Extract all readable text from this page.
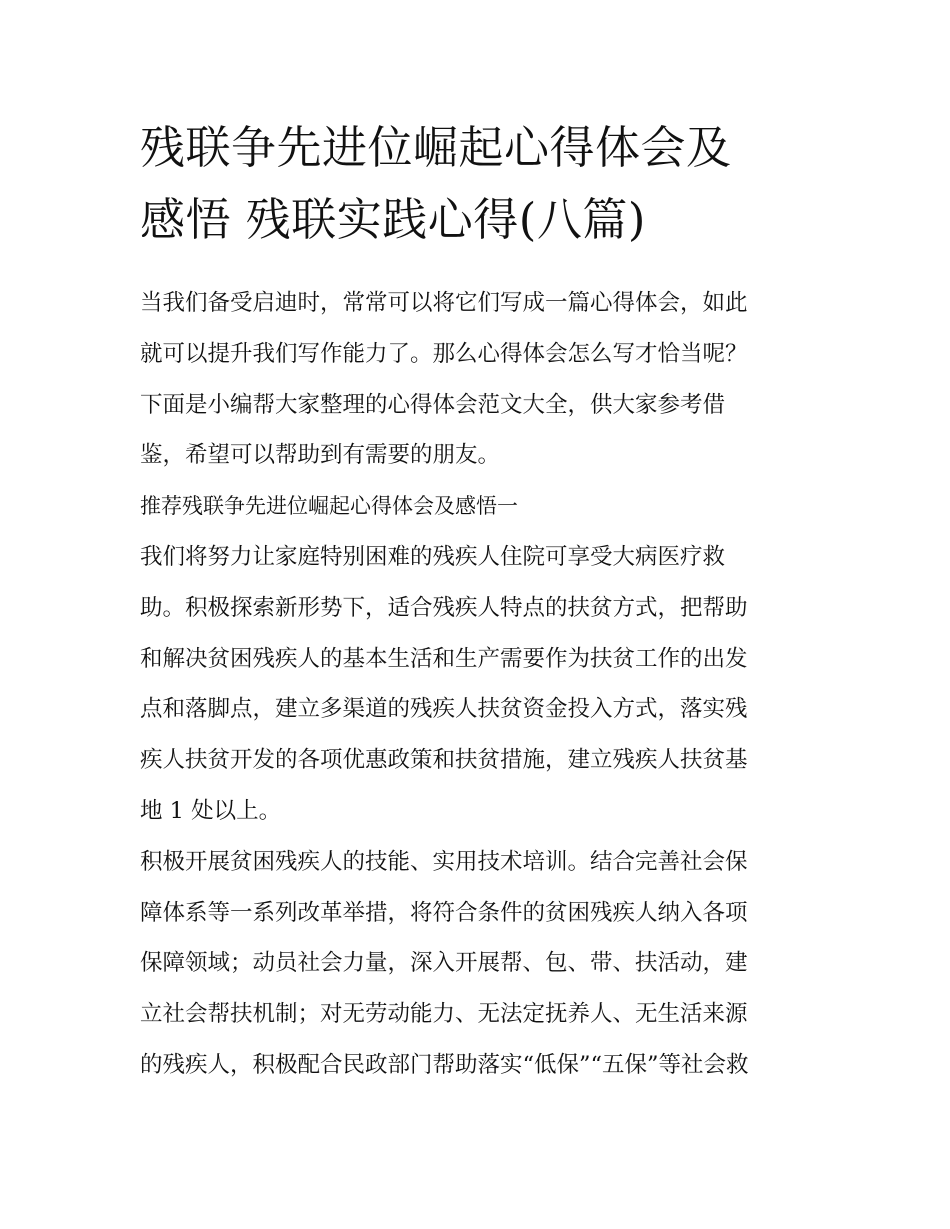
残联争先进位崛起心得体会及
感悟 残联实践心得(八篇)

当我们备受启迪时，常常可以将它们写成一篇心得体会，如此
就可以提升我们写作能力了。那么心得体会怎么写才恰当呢？
下面是小编帮大家整理的心得体会范文大全，供大家参考借
鉴，希望可以帮助到有需要的朋友。

推荐残联争先进位崛起心得体会及感悟一

我们将努力让家庭特别困难的残疾人住院可享受大病医疗救
助。积极探索新形势下，适合残疾人特点的扶贫方式，把帮助
和解决贫困残疾人的基本生活和生产需要作为扶贫工作的出发
点和落脚点，建立多渠道的残疾人扶贫资金投入方式，落实残
疾人扶贫开发的各项优惠政策和扶贫措施，建立残疾人扶贫基
地 1 处以上。

积极开展贫困残疾人的技能、实用技术培训。结合完善社会保
障体系等一系列改革举措，将符合条件的贫困残疾人纳入各项
保障领域；动员社会力量，深入开展帮、包、带、扶活动，建
立社会帮扶机制；对无劳动能力、无法定抚养人、无生活来源
的残疾人，积极配合民政部门帮助落实“低保”“五保”等社会救
